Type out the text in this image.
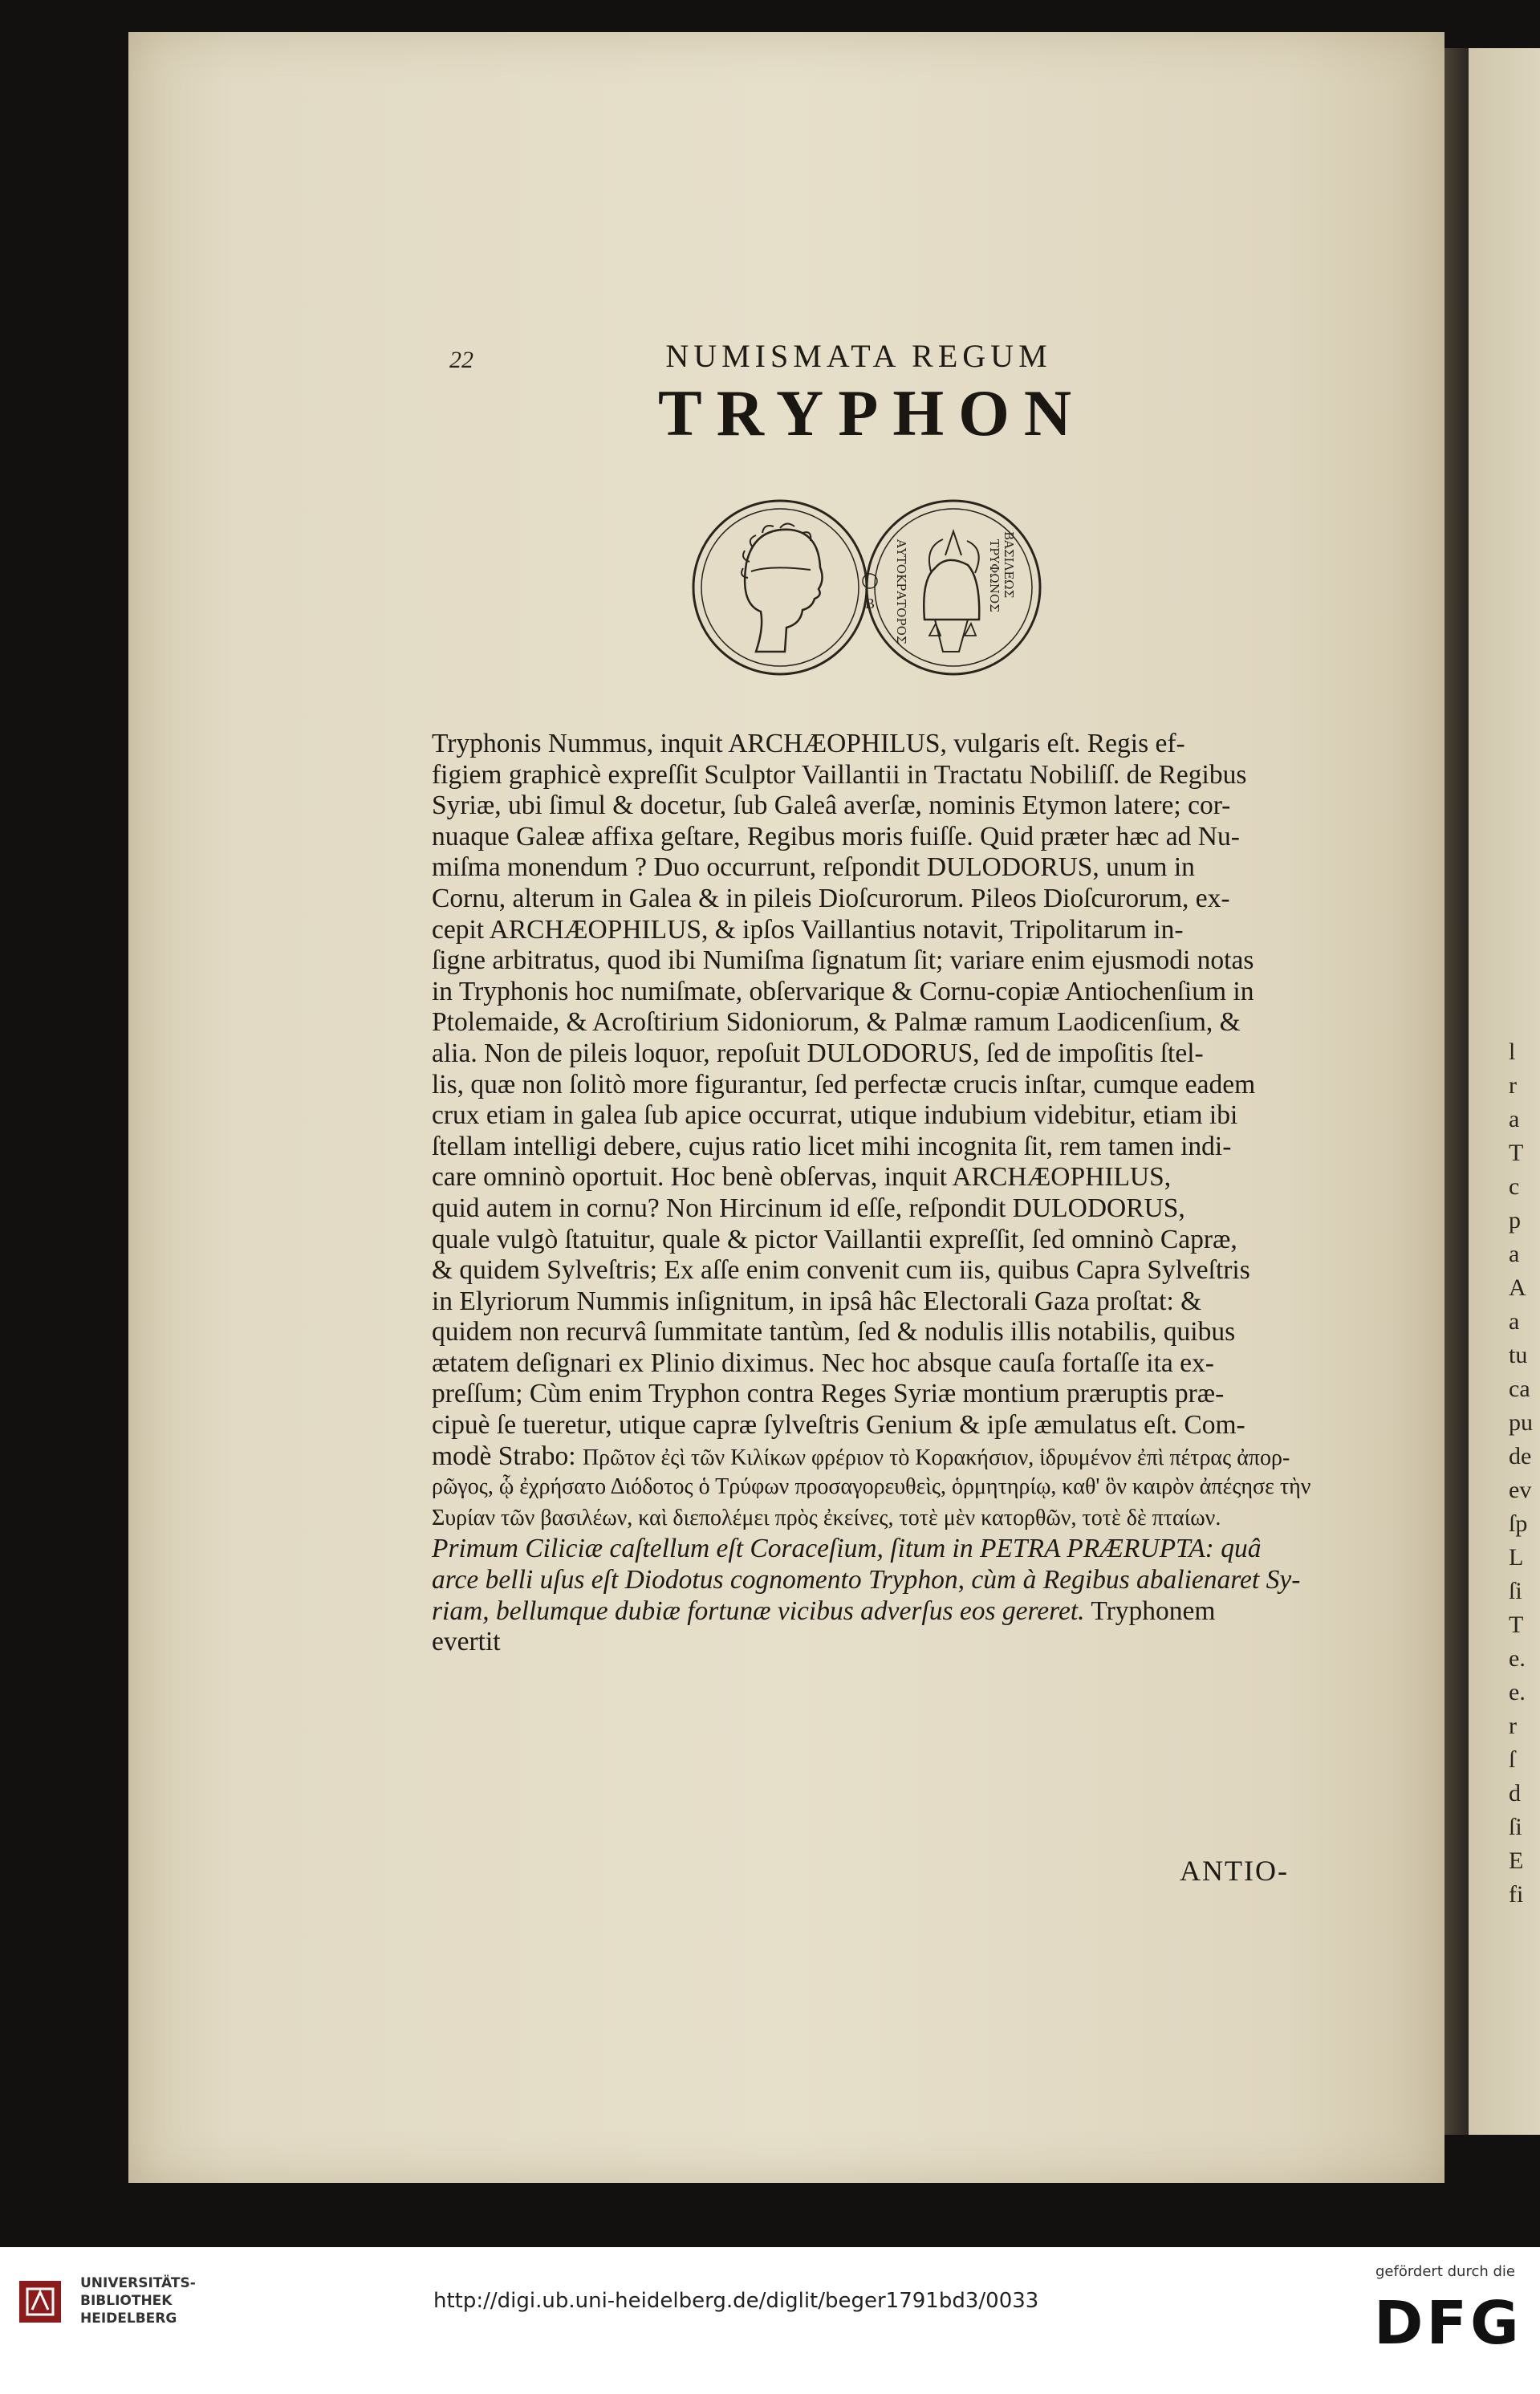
l
r
a
T
c
p
a
A
a
tu
ca
pu
de
ev
ſp
L
ſi
T
e.
e.
r
ſ
d
ſi
E
fi
22	NUMISMATA REGUM
TRYPHON
ΒΑΣΙΛΕΩΣ
ΤΡΥΦΩΝΟΣ
ΑΥΤΟΚΡΑΤΟΡΟΣ
Β
Tryphonis Nummus, inquit ARCHÆOPHILUS, vulgaris eſt. Regis ef-
figiem graphicè expreſſit Sculptor Vaillantii in Tractatu Nobiliſſ. de Regibus
Syriæ, ubi ſimul & docetur, ſub Galeâ averſæ, nominis Etymon latere; cor-
nuaque Galeæ affixa geſtare, Regibus moris fuiſſe. Quid præter hæc ad Nu-
miſma monendum ? Duo occurrunt, reſpondit DULODORUS, unum in
Cornu, alterum in Galea & in pileis Dioſcurorum. Pileos Dioſcurorum, ex-
cepit ARCHÆOPHILUS, & ipſos Vaillantius notavit, Tripolitarum in-
ſigne arbitratus, quod ibi Numiſma ſignatum ſit; variare enim ejusmodi notas
in Tryphonis hoc numiſmate, obſervarique & Cornu-copiæ Antiochenſium in
Ptolemaide, & Acroſtirium Sidoniorum, & Palmæ ramum Laodicenſium, &
alia. Non de pileis loquor, repoſuit DULODORUS, ſed de impoſitis ſtel-
lis, quæ non ſolitò more figurantur, ſed perfectæ crucis inſtar, cumque eadem
crux etiam in galea ſub apice occurrat, utique indubium videbitur, etiam ibi
ſtellam intelligi debere, cujus ratio licet mihi incognita ſit, rem tamen indi-
care omninò oportuit. Hoc benè obſervas, inquit ARCHÆOPHILUS,
quid autem in cornu? Non Hircinum id eſſe, reſpondit DULODORUS,
quale vulgò ſtatuitur, quale & pictor Vaillantii expreſſit, ſed omninò Capræ,
& quidem Sylveſtris; Ex aſſe enim convenit cum iis, quibus Capra Sylveſtris
in Elyriorum Nummis inſignitum, in ipsâ hâc Electorali Gaza proſtat: &
quidem non recurvâ ſummitate tantùm, ſed & nodulis illis notabilis, quibus
ætatem deſignari ex Plinio diximus. Nec hoc absque cauſa fortaſſe ita ex-
preſſum; Cùm enim Tryphon contra Reges Syriæ montium præruptis præ-
cipuè ſe tueretur, utique capræ ſylveſtris Genium & ipſe æmulatus eſt. Com-
modè Strabo: Πρῶτον ἐςὶ τῶν Κιλίκων φρέριον τὸ Κορακήσιον, ἱδρυμένον ἐπὶ πέτρας ἀπορ-
ρῶγος, ᾧ ἐχρήσατο Διόδοτος ὁ Τρύφων προσαγορευθεὶς, ὁρμητηρίῳ, καθ' ὃν καιρὸν ἀπέςησε τὴν
Συρίαν τῶν βασιλέων, καὶ διεπολέμει πρὸς ἐκείνες, τοτὲ μὲν κατορθῶν, τοτὲ δὲ πταίων.
Primum Ciliciæ caſtellum eſt Coraceſium, ſitum in PETRA PRÆRUPTA: quâ
arce belli uſus eſt Diodotus cognomento Tryphon, cùm à Regibus abalienaret Sy-
riam, bellumque dubiæ fortunæ vicibus adverſus eos gereret. Tryphonem
evertit
ANTIO-
UNIVERSITÄTS-
BIBLIOTHEK
HEIDELBERG
http://digi.ub.uni-heidelberg.de/diglit/beger1791bd3/0033
gefördert durch die
DFG
